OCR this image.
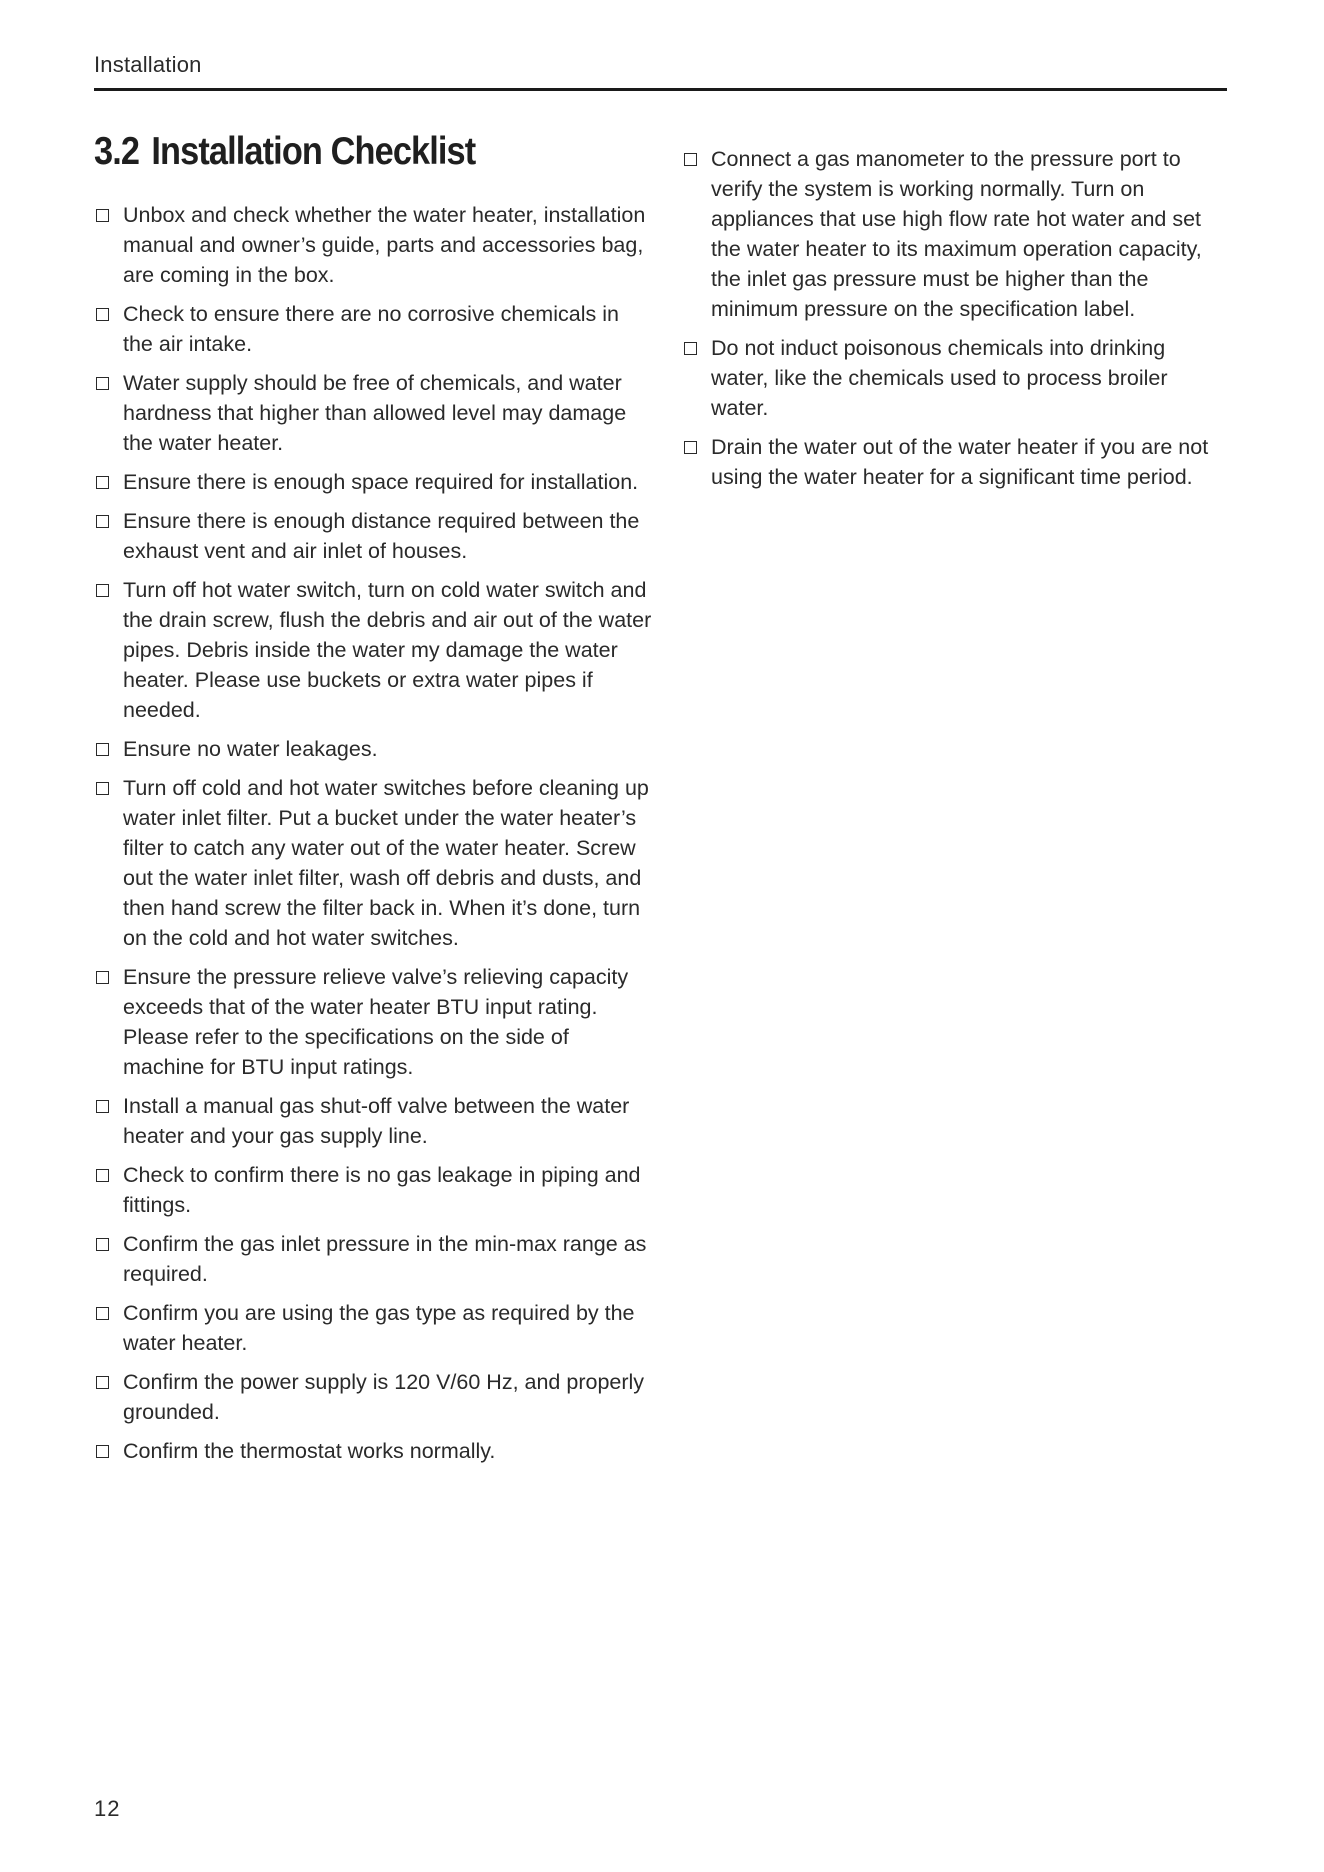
Installation
3.2 Installation Checklist
Unbox and check whether the water heater, installation manual and owner’s guide, parts and accessories bag, are coming in the box.
Check to ensure there are no corrosive chemicals in the air intake.
Water supply should be free of chemicals, and water hardness that higher than allowed level may damage the water heater.
Ensure there is enough space required for installation.
Ensure there is enough distance required between the exhaust vent and air inlet of houses.
Turn off hot water switch, turn on cold water switch and the drain screw, flush the debris and air out of the water pipes. Debris inside the water my damage the water heater. Please use buckets or extra water pipes if needed.
Ensure no water leakages.
Turn off cold and hot water switches before cleaning up water inlet filter. Put a bucket under the water heater’s filter to catch any water out of the water heater. Screw out the water inlet filter, wash off debris and dusts, and then hand screw the filter back in. When it’s done, turn on the cold and hot water switches.
Ensure the pressure relieve valve’s relieving capacity exceeds that of the water heater BTU input rating. Please refer to the specifications on the side of machine for BTU input ratings.
Install a manual gas shut-off valve between the water heater and your gas supply line.
Check to confirm there is no gas leakage in piping and fittings.
Confirm the gas inlet pressure in the min-max range as required.
Confirm you are using the gas type as required by the water heater.
Confirm the power supply is 120 V/60 Hz, and properly grounded.
Confirm the thermostat works normally.
Connect a gas manometer to the pressure port to verify the system is working normally. Turn on appliances that use high flow rate hot water and set the water heater to its maximum operation capacity, the inlet gas pressure must be higher than the minimum pressure on the specification label.
Do not induct poisonous chemicals into drinking water, like the chemicals used to process broiler water.
Drain the water out of the water heater if you are not using the water heater for a significant time period.
12
